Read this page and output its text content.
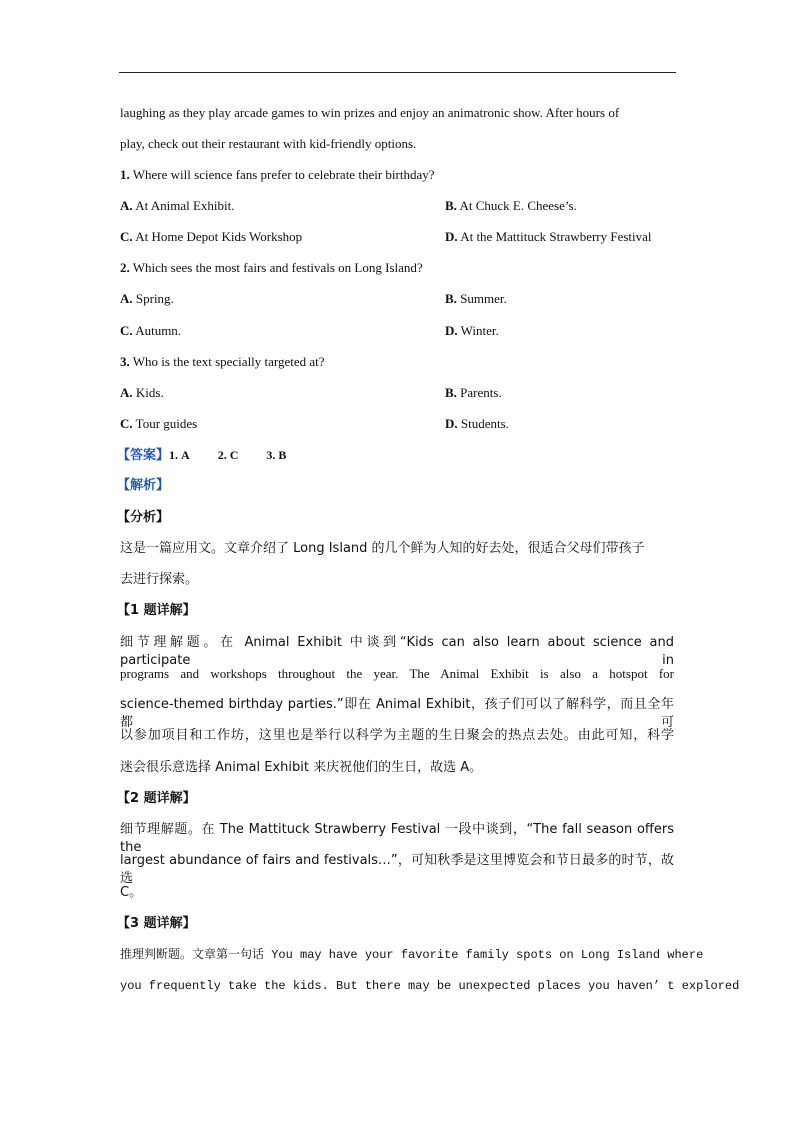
laughing as they play arcade games to win prizes and enjoy an animatronic show. After hours of
play, check out their restaurant with kid-friendly options.
1. Where will science fans prefer to celebrate their birthday?
A. At Animal Exhibit.	B. At Chuck E. Cheese’s.
C. At Home Depot Kids Workshop	D. At the Mattituck Strawberry Festival
2. Which sees the most fairs and festivals on Long Island?
A. Spring.	B. Summer.
C. Autumn.	D. Winter.
3. Who is the text specially targeted at?
A. Kids.	B. Parents.
C. Tour guides	D. Students.
【答案】1. A 2. C 3. B
【解析】
【分析】
这是一篇应用文。文章介绍了 Long Island 的几个鲜为人知的好去处，很适合父母们带孩子
去进行探索。
【1 题详解】
细节理解题。在 Animal Exhibit 中谈到“Kids can also learn about science and participate in
programs and workshops throughout the year. The Animal Exhibit is also a hotspot for
science-themed birthday parties.”即在 Animal Exhibit，孩子们可以了解科学，而且全年都可
以参加项目和工作坊，这里也是举行以科学为主题的生日聚会的热点去处。由此可知，科学
迷会很乐意选择 Animal Exhibit 来庆祝他们的生日，故选 A。
【2 题详解】
细节理解题。在 The Mattituck Strawberry Festival 一段中谈到，“The fall season offers the
largest abundance of fairs and festivals…”，可知秋季是这里博览会和节日最多的时节，故选
C。
【3 题详解】
推理判断题。文章第一句话 You may have your favorite family spots on Long Island where
you frequently take the kids. But there may be unexpected places you haven’ t explored
